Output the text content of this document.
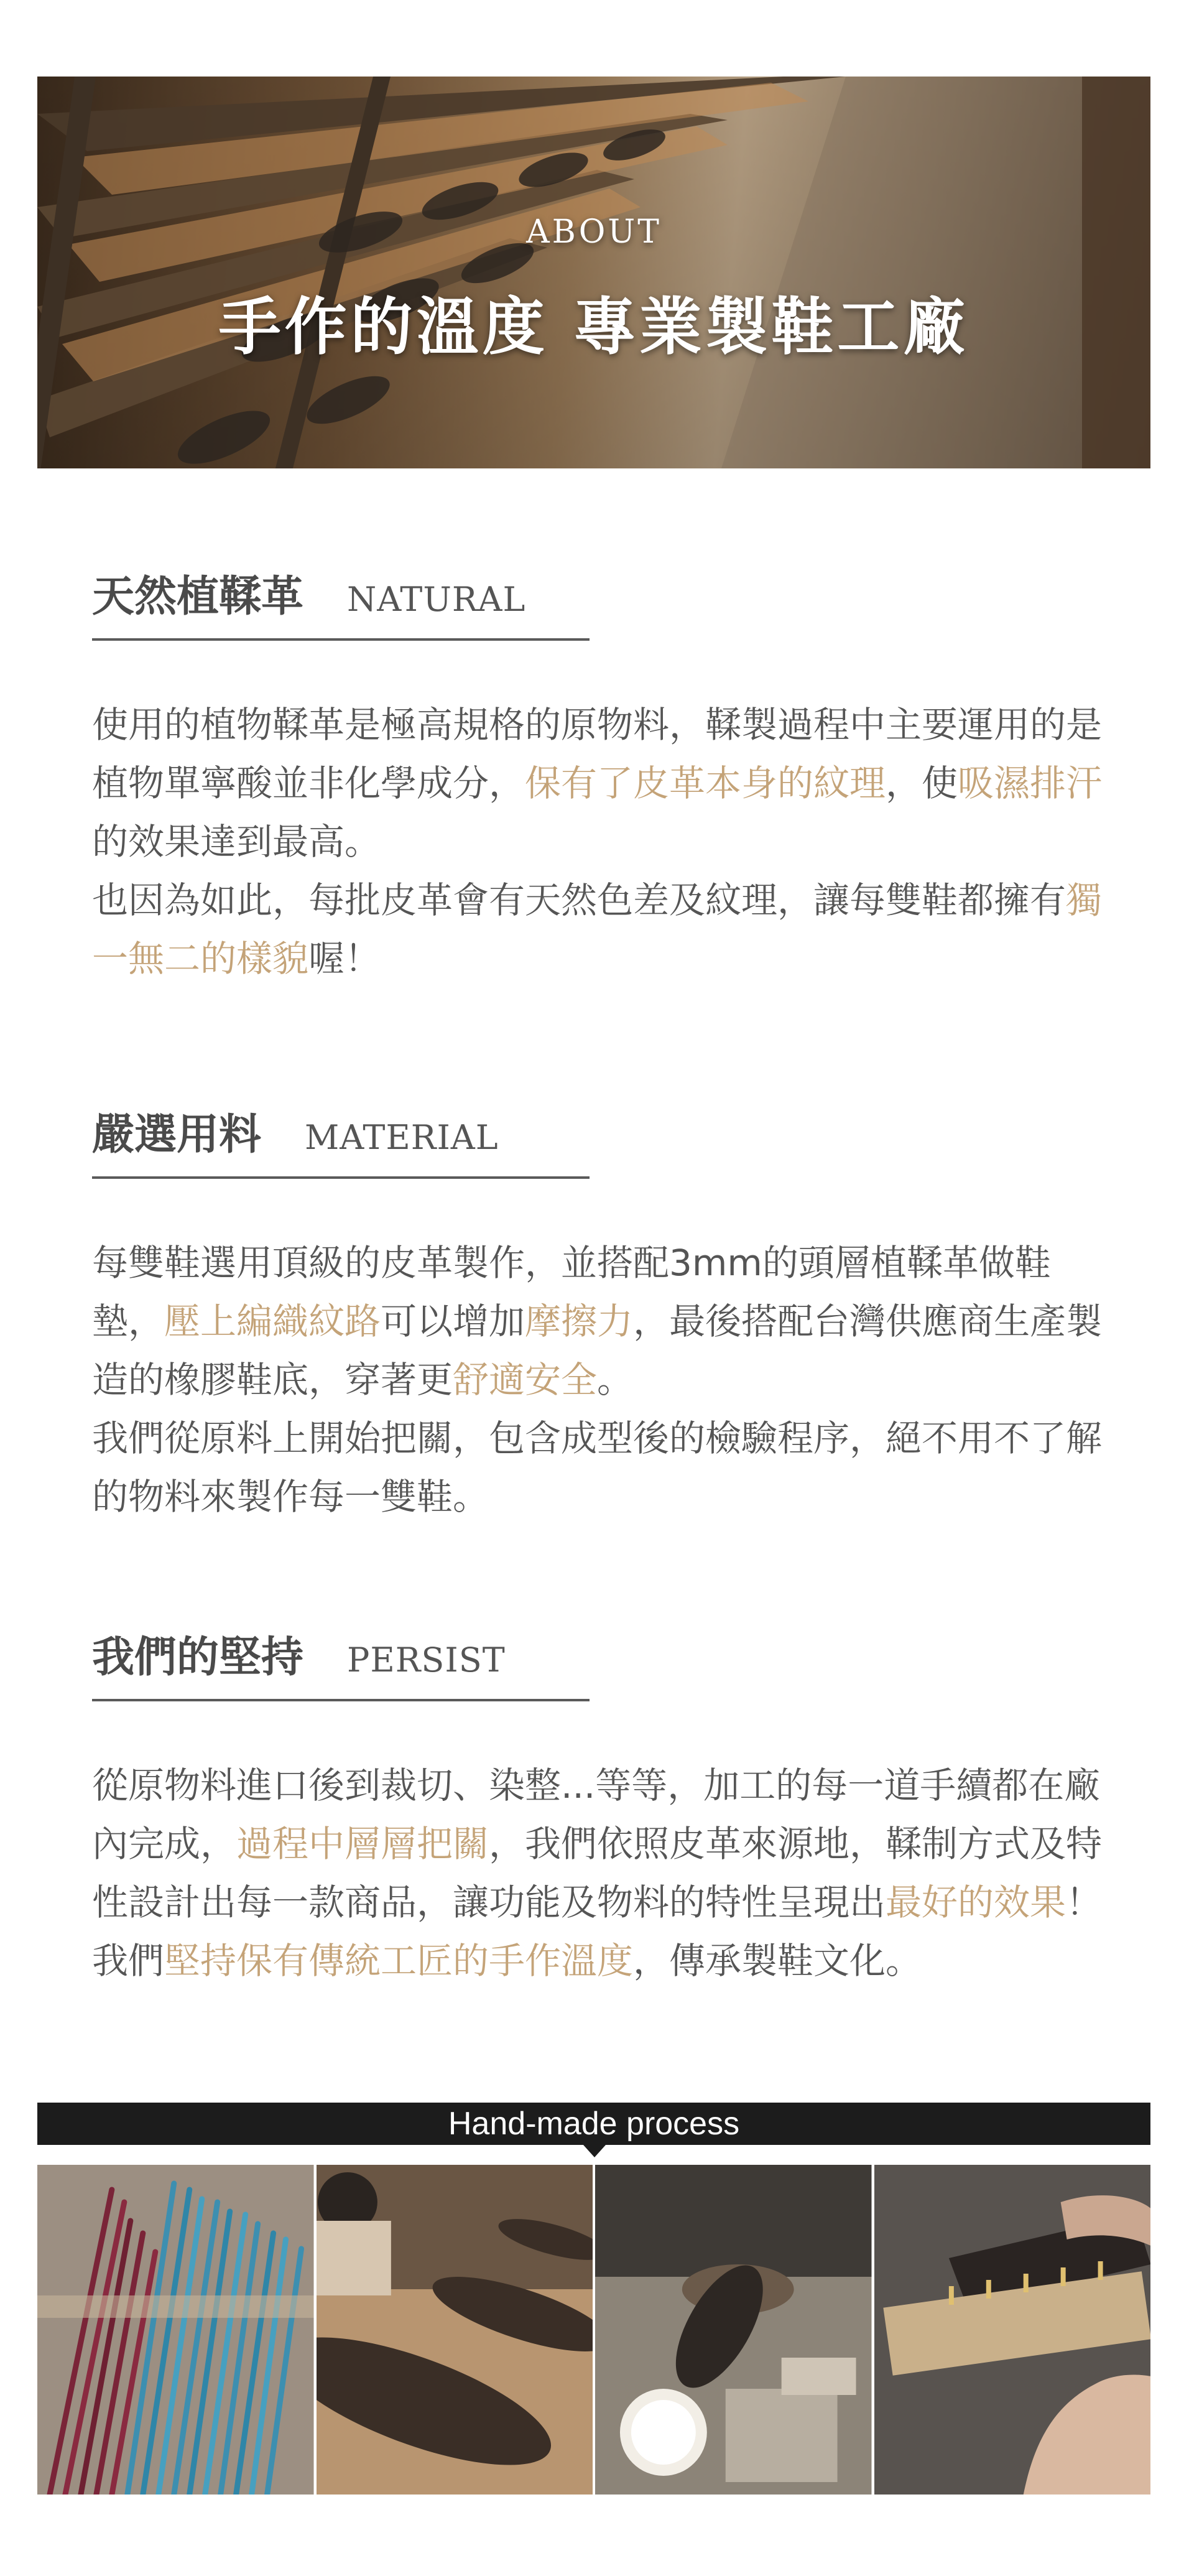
ABOUT
手作的溫度 專業製鞋工廠
天然植鞣革 NATURAL

使用的植物鞣革是極高規格的原物料，鞣製過程中主要運用的是植物單寧酸並非化學成分，保有了皮革本身的紋理，使吸濕排汗的效果達到最高。

也因為如此，每批皮革會有天然色差及紋理，讓每雙鞋都擁有獨一無二的樣貌喔！

嚴選用料 MATERIAL

每雙鞋選用頂級的皮革製作，並搭配3mm的頭層植鞣革做鞋墊，壓上編織紋路可以增加摩擦力，最後搭配台灣供應商生產製造的橡膠鞋底，穿著更舒適安全。

我們從原料上開始把關，包含成型後的檢驗程序，絕不用不了解的物料來製作每一雙鞋。

我們的堅持 PERSIST

從原物料進口後到裁切、染整...等等，加工的每一道手續都在廠內完成，過程中層層把關，我們依照皮革來源地，鞣制方式及特性設計出每一款商品，讓功能及物料的特性呈現出最好的效果！

我們堅持保有傳統工匠的手作溫度，傳承製鞋文化。

Hand-made process
